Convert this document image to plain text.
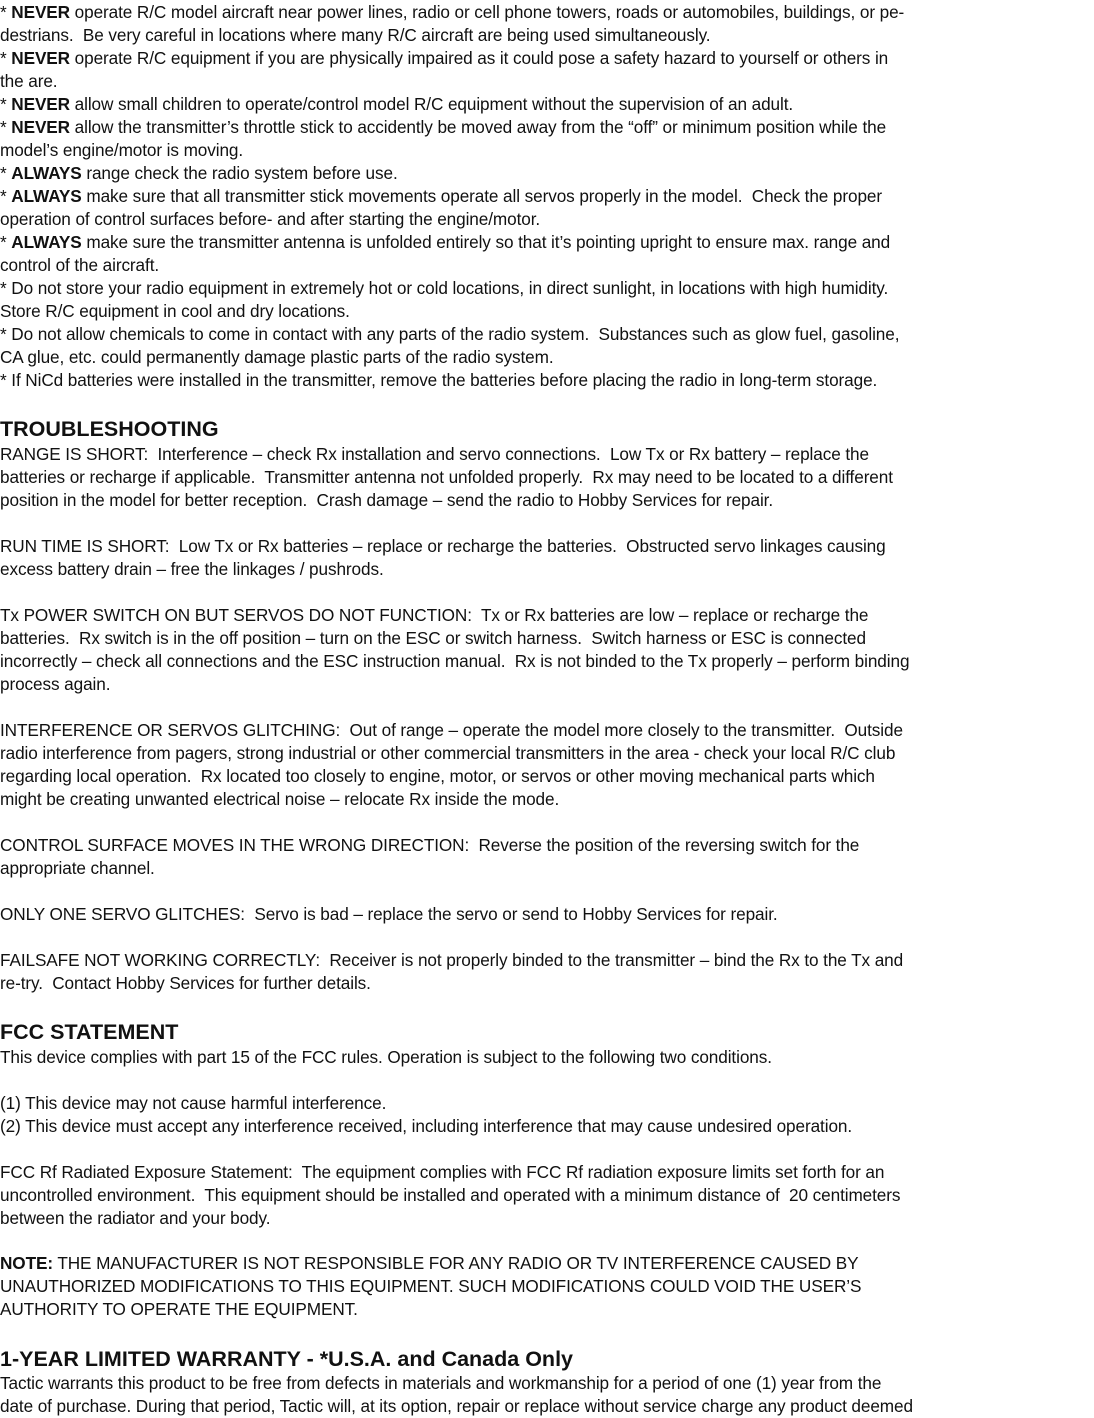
* NEVER operate R/C model aircraft near power lines, radio or cell phone towers, roads or automobiles, buildings, or pe-
destrians.  Be very careful in locations where many R/C aircraft are being used simultaneously.
* NEVER operate R/C equipment if you are physically impaired as it could pose a safety hazard to yourself or others in
the are.
* NEVER allow small children to operate/control model R/C equipment without the supervision of an adult.
* NEVER allow the transmitter’s throttle stick to accidently be moved away from the “off” or minimum position while the
model’s engine/motor is moving.
* ALWAYS range check the radio system before use.
* ALWAYS make sure that all transmitter stick movements operate all servos properly in the model.  Check the proper
operation of control surfaces before- and after starting the engine/motor.
* ALWAYS make sure the transmitter antenna is unfolded entirely so that it’s pointing upright to ensure max. range and
control of the aircraft.
* Do not store your radio equipment in extremely hot or cold locations, in direct sunlight, in locations with high humidity.
Store R/C equipment in cool and dry locations.
* Do not allow chemicals to come in contact with any parts of the radio system.  Substances such as glow fuel, gasoline,
CA glue, etc. could permanently damage plastic parts of the radio system.
* If NiCd batteries were installed in the transmitter, remove the batteries before placing the radio in long-term storage.
TROUBLESHOOTING
RANGE IS SHORT:  Interference – check Rx installation and servo connections.  Low Tx or Rx battery – replace the
batteries or recharge if applicable.  Transmitter antenna not unfolded properly.  Rx may need to be located to a different
position in the model for better reception.  Crash damage – send the radio to Hobby Services for repair.
RUN TIME IS SHORT:  Low Tx or Rx batteries – replace or recharge the batteries.  Obstructed servo linkages causing
excess battery drain – free the linkages / pushrods.
Tx POWER SWITCH ON BUT SERVOS DO NOT FUNCTION:  Tx or Rx batteries are low – replace or recharge the
batteries.  Rx switch is in the off position – turn on the ESC or switch harness.  Switch harness or ESC is connected
incorrectly – check all connections and the ESC instruction manual.  Rx is not binded to the Tx properly – perform binding
process again.
INTERFERENCE OR SERVOS GLITCHING:  Out of range – operate the model more closely to the transmitter.  Outside
radio interference from pagers, strong industrial or other commercial transmitters in the area - check your local R/C club
regarding local operation.  Rx located too closely to engine, motor, or servos or other moving mechanical parts which
might be creating unwanted electrical noise – relocate Rx inside the mode.
CONTROL SURFACE MOVES IN THE WRONG DIRECTION:  Reverse the position of the reversing switch for the
appropriate channel.
ONLY ONE SERVO GLITCHES:  Servo is bad – replace the servo or send to Hobby Services for repair.
FAILSAFE NOT WORKING CORRECTLY:  Receiver is not properly binded to the transmitter – bind the Rx to the Tx and
re-try.  Contact Hobby Services for further details.
FCC STATEMENT
This device complies with part 15 of the FCC rules. Operation is subject to the following two conditions.
(1) This device may not cause harmful interference.
(2) This device must accept any interference received, including interference that may cause undesired operation.
FCC Rf Radiated Exposure Statement:  The equipment complies with FCC Rf radiation exposure limits set forth for an
uncontrolled environment.  This equipment should be installed and operated with a minimum distance of  20 centimeters
between the radiator and your body.
NOTE: THE MANUFACTURER IS NOT RESPONSIBLE FOR ANY RADIO OR TV INTERFERENCE CAUSED BY
UNAUTHORIZED MODIFICATIONS TO THIS EQUIPMENT. SUCH MODIFICATIONS COULD VOID THE USER’S
AUTHORITY TO OPERATE THE EQUIPMENT.
1-YEAR LIMITED WARRANTY - *U.S.A. and Canada Only
Tactic warrants this product to be free from defects in materials and workmanship for a period of one (1) year from the
date of purchase. During that period, Tactic will, at its option, repair or replace without service charge any product deemed
